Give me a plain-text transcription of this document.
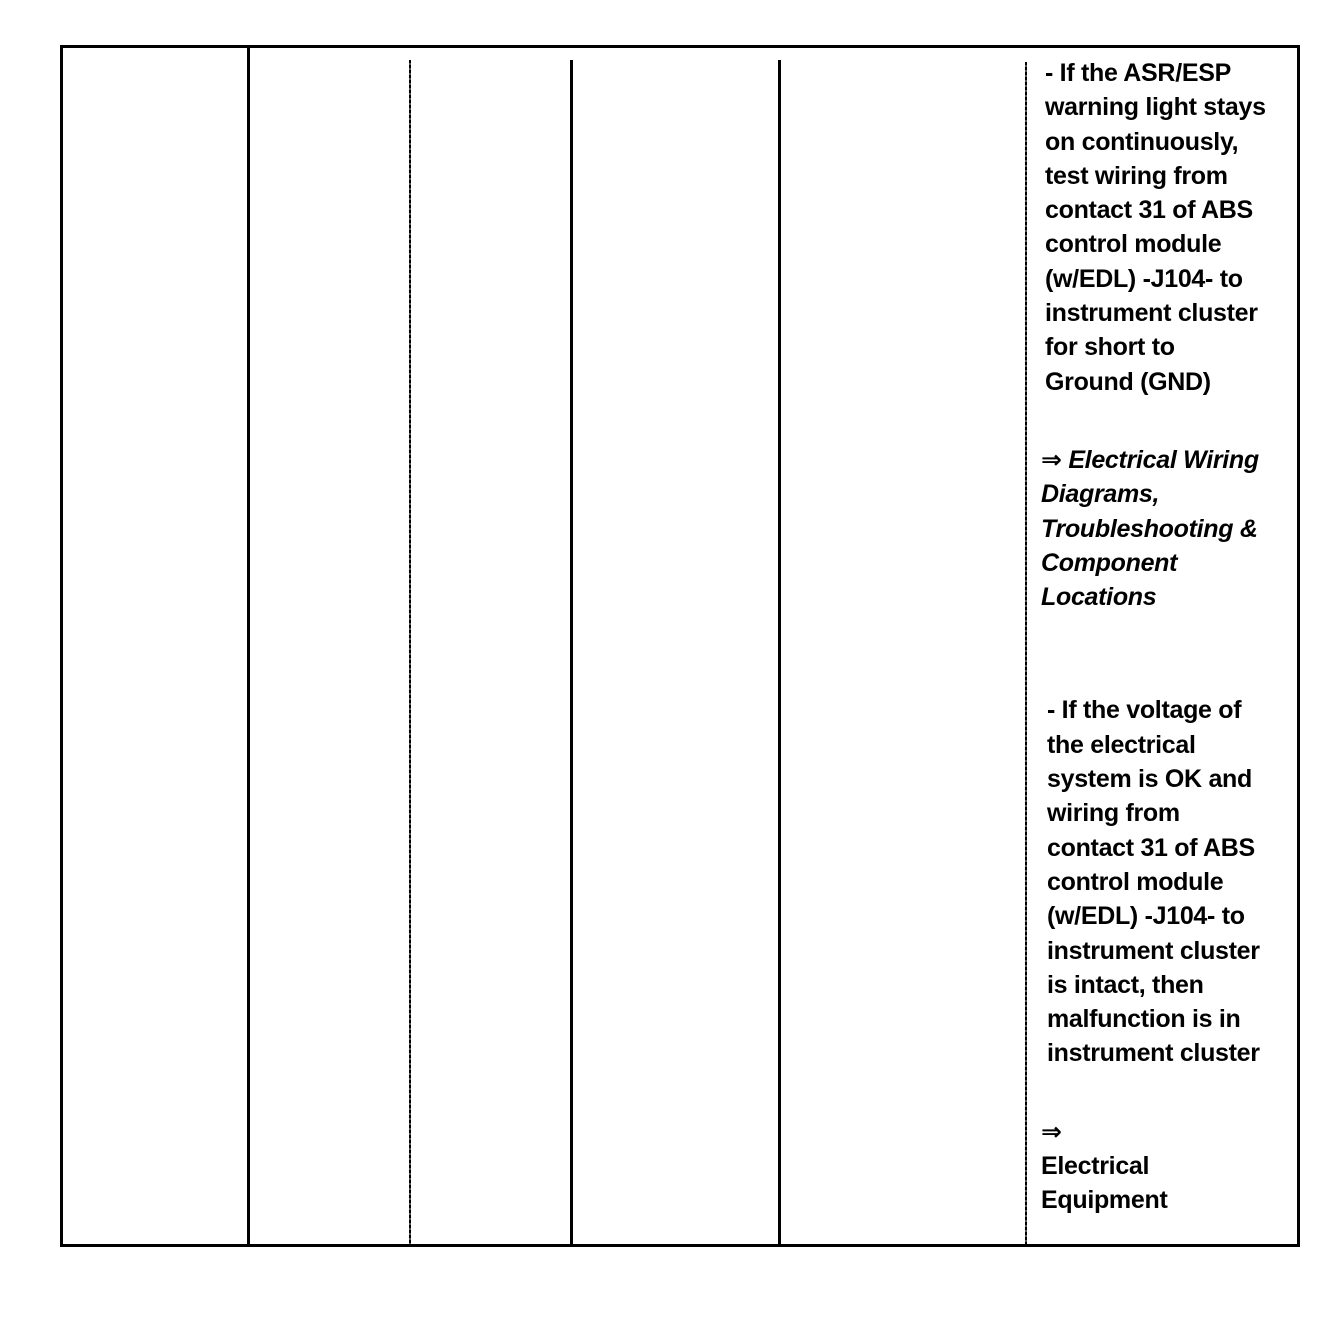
- If the ASR/ESP
warning light stays
on continuously,
test wiring from
contact 31 of ABS
control module
(w/EDL) -J104- to
instrument cluster
for short to
Ground (GND)
⇒ Electrical Wiring
Diagrams,
Troubleshooting &
Component
Locations
- If the voltage of
the electrical
system is OK and
wiring from
contact 31 of ABS
control module
(w/EDL) -J104- to
instrument cluster
is intact, then
malfunction is in
instrument cluster
⇒
Electrical
Equipment
